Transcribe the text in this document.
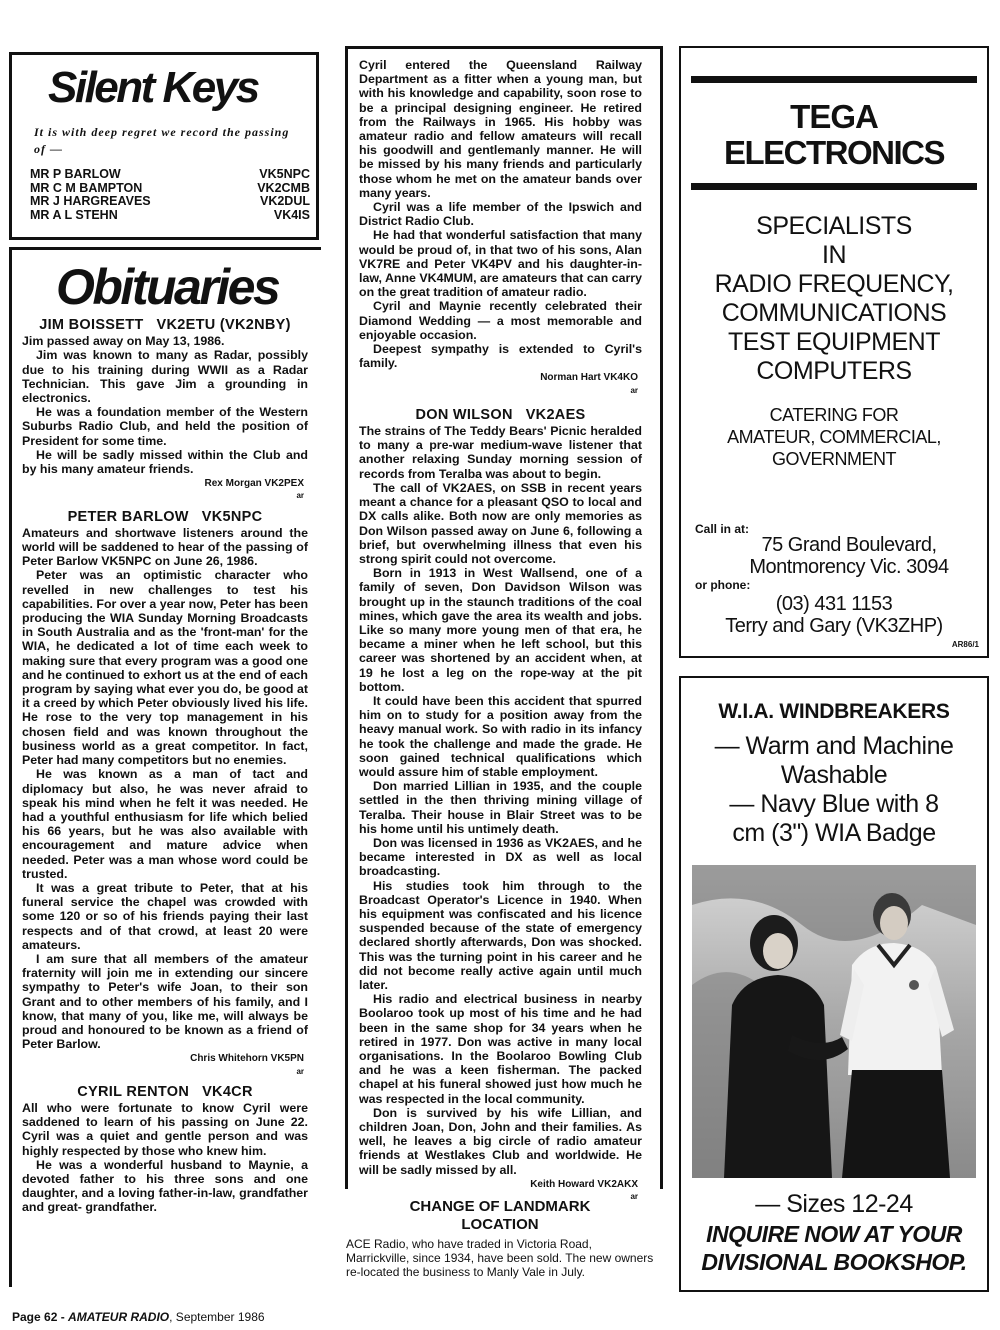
Silent Keys
It is with deep regret we record the passing of —
MR P BARLOW	VK5NPC
MR C M BAMPTON	VK2CMB
MR J HARGREAVES	VK2DUL
MR A L STEHN	VK4IS
Obituaries
JIM BOISSETT   VK2ETU (VK2NBY)

Jim passed away on May 13, 1986.

Jim was known to many as Radar, possibly due to his training during WWII as a Radar Technician. This gave Jim a grounding in electronics.

He was a foundation member of the Western Suburbs Radio Club, and held the position of President for some time.

He will be sadly missed within the Club and by his many amateur friends.

Rex Morgan VK2PEX
ar
PETER BARLOW   VK5NPC

Amateurs and shortwave listeners around the world will be saddened to hear of the passing of Peter Barlow VK5NPC on June 26, 1986.

Peter was an optimistic character who revelled in new challenges to test his capabilities. For over a year now, Peter has been producing the WIA Sunday Morning Broadcasts in South Australia and as the 'front-man' for the WIA, he dedicated a lot of time each week to making sure that every program was a good one and he continued to exhort us at the end of each program by saying what ever you do, be good at it a creed by which Peter obviously lived his life. He rose to the very top management in his chosen field and was known throughout the business world as a great competitor. In fact, Peter had many competitors but no enemies.

He was known as a man of tact and diplomacy but also, he was never afraid to speak his mind when he felt it was needed. He had a youthful enthusiasm for life which belied his 66 years, but he was also available with encouragement and mature advice when needed. Peter was a man whose word could be trusted.

It was a great tribute to Peter, that at his funeral service the chapel was crowded with some 120 or so of his friends paying their last respects and of that crowd, at least 20 were amateurs.

I am sure that all members of the amateur fraternity will join me in extending our sincere sympathy to Peter's wife Joan, to their son Grant and to other members of his family, and I know, that many of you, like me, will always be proud and honoured to be known as a friend of Peter Barlow.

Chris Whitehorn VK5PN
ar
CYRIL RENTON   VK4CR

All who were fortunate to know Cyril were saddened to learn of his passing on June 22. Cyril was a quiet and gentle person and was highly respected by those who knew him.

He was a wonderful husband to Maynie, a devoted father to his three sons and one daughter, and a loving father-in-law, grandfather and great- grandfather.

Cyril entered the Queensland Railway Department as a fitter when a young man, but with his knowledge and capability, soon rose to be a principal designing engineer. He retired from the Railways in 1965. His hobby was amateur radio and fellow amateurs will recall his goodwill and gentlemanly manner. He will be missed by his many friends and particularly those whom he met on the amateur bands over many years.

Cyril was a life member of the Ipswich and District Radio Club.

He had that wonderful satisfaction that many would be proud of, in that two of his sons, Alan VK7RE and Peter VK4PV and his daughter-in-law, Anne VK4MUM, are amateurs that can carry on the great tradition of amateur radio.

Cyril and Maynie recently celebrated their Diamond Wedding — a most memorable and enjoyable occasion.

Deepest sympathy is extended to Cyril's family.

Norman Hart VK4KO
ar
DON WILSON   VK2AES

The strains of The Teddy Bears' Picnic heralded to many a pre-war medium-wave listener that another relaxing Sunday morning session of records from Teralba was about to begin.

The call of VK2AES, on SSB in recent years meant a chance for a pleasant QSO to local and DX calls alike. Both now are only memories as Don Wilson passed away on June 6, following a brief, but overwhelming illness that even his strong spirit could not overcome.

Born in 1913 in West Wallsend, one of a family of seven, Don Davidson Wilson was brought up in the staunch traditions of the coal mines, which gave the area its wealth and jobs. Like so many more young men of that era, he became a miner when he left school, but this career was shortened by an accident when, at 19 he lost a leg on the rope-way at the pit bottom.

It could have been this accident that spurred him on to study for a position away from the heavy manual work. So with radio in its infancy he took the challenge and made the grade. He soon gained technical qualifications which would assure him of stable employment.

Don married Lillian in 1935, and the couple settled in the then thriving mining village of Teralba. Their house in Blair Street was to be his home until his untimely death.

Don was licensed in 1936 as VK2AES, and he became interested in DX as well as local broadcasting.

His studies took him through to the Broadcast Operator's Licence in 1940. When his equipment was confiscated and his licence suspended because of the state of emergency declared shortly afterwards, Don was shocked. This was the turning point in his career and he did not become really active again until much later.

His radio and electrical business in nearby Boolaroo took up most of his time and he had been in the same shop for 34 years when he retired in 1977. Don was active in many local organisations. In the Boolaroo Bowling Club and he was a keen fisherman. The packed chapel at his funeral showed just how much he was respected in the local community.

Don is survived by his wife Lillian, and children Joan, Don, John and their families. As well, he leaves a big circle of radio amateur friends at Westlakes Club and worldwide. He will be sadly missed by all.

Keith Howard VK2AKX
ar
CHANGE OF LANDMARK LOCATION
ACE Radio, who have traded in Victoria Road, Marrickville, since 1934, have been sold. The new owners re-located the business to Manly Vale in July.
TEGA
ELECTRONICS
SPECIALISTS
IN
RADIO FREQUENCY,
COMMUNICATIONS
TEST EQUIPMENT
COMPUTERS
CATERING FOR
AMATEUR, COMMERCIAL,
GOVERNMENT
Call in at:
75 Grand Boulevard,
Montmorency Vic. 3094
or phone:
(03) 431 1153
Terry and Gary (VK3ZHP)
AR86/1
W.I.A. WINDBREAKERS
— Warm and Machine
Washable
— Navy Blue with 8
cm (3") WIA Badge
— Sizes 12-24
INQUIRE NOW AT YOUR
DIVISIONAL BOOKSHOP.
Page 62 - AMATEUR RADIO, September 1986
